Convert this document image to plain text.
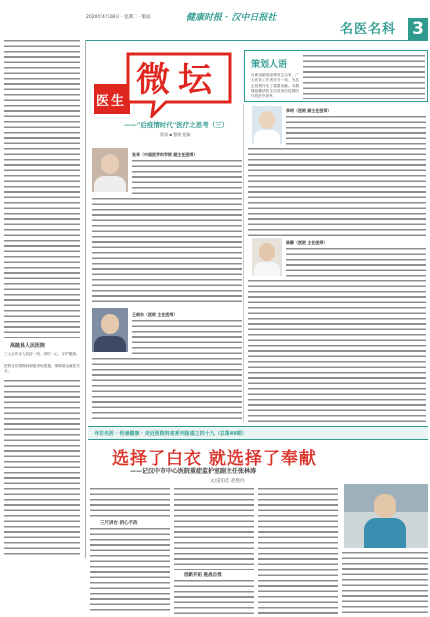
2020年4月28日 · 星期二 · 版面	健康时报 · 汉中日报社
名医名科 3
高陵县人民医院
三人合作步入抗疫一线，团结一心，守护健康。
医院在疫情期间积极采取措施，保障群众就医安全。
医生
微坛
——"后疫情时代"医疗之思考（三）
策划 ▪ 整理 组稿
策划人语
自新冠肺炎疫情发生以来，广大医务工作者坚守一线，为抗击疫情作出了重要贡献。本期继续邀请医生们谈谈后疫情时代的医疗思考。
张华（中国医学科学院 副主任医师）
王晓东（医院 主任医师）
李明（医院 副主任医师）
陈静（医院 主任医师）
寻访名医 · 传递健康 · 走近医院科室系列报道之四十九（总第49期）
选择了白衣 就选择了奉献
——记汉中市中心医院重症监护室副主任张林涛
文/雷伯佳 赵艳玲
三尺讲台 初心不改
创新开拓 挑战自我
